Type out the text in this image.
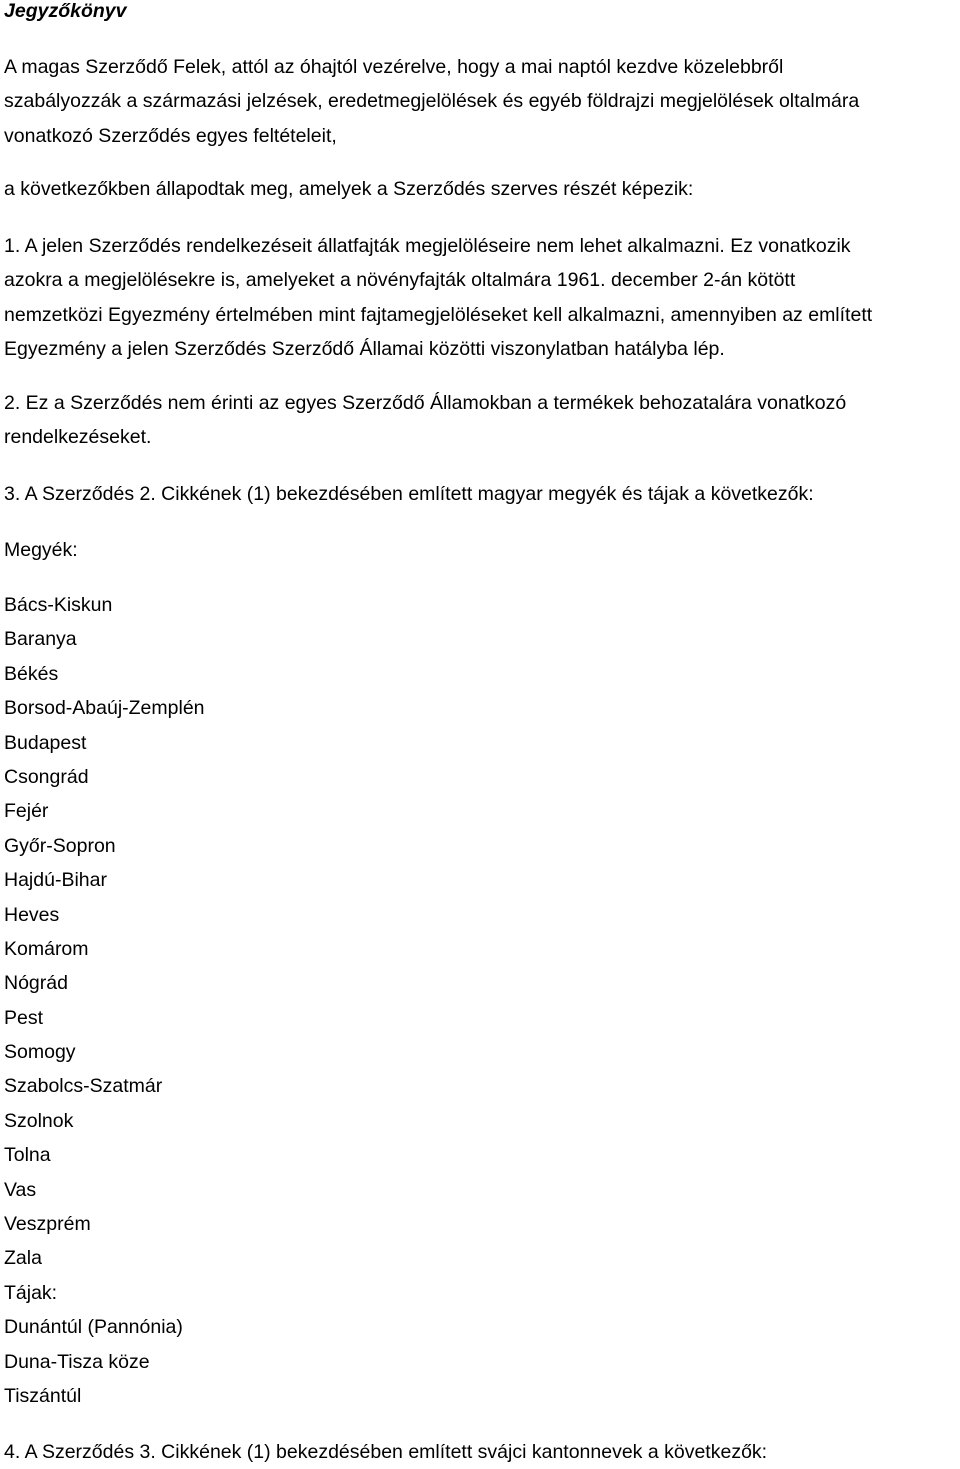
Jegyzőkönyv

A magas Szerződő Felek, attól az óhajtól vezérelve, hogy a mai naptól kezdve közelebbről
szabályozzák a származási jelzések, eredetmegjelölések és egyéb földrajzi megjelölések oltalmára
vonatkozó Szerződés egyes feltételeit,

a következőkben állapodtak meg, amelyek a Szerződés szerves részét képezik:

1. A jelen Szerződés rendelkezéseit állatfajták megjelöléseire nem lehet alkalmazni. Ez vonatkozik
azokra a megjelölésekre is, amelyeket a növényfajták oltalmára 1961. december 2-án kötött
nemzetközi Egyezmény értelmében mint fajtamegjelöléseket kell alkalmazni, amennyiben az említett
Egyezmény a jelen Szerződés Szerződő Államai közötti viszonylatban hatályba lép.

2. Ez a Szerződés nem érinti az egyes Szerződő Államokban a termékek behozatalára vonatkozó
rendelkezéseket.

3. A Szerződés 2. Cikkének (1) bekezdésében említett magyar megyék és tájak a következők:

Megyék:

Bács-Kiskun
Baranya
Békés
Borsod-Abaúj-Zemplén
Budapest
Csongrád
Fejér
Győr-Sopron
Hajdú-Bihar
Heves
Komárom
Nógrád
Pest
Somogy
Szabolcs-Szatmár
Szolnok
Tolna
Vas
Veszprém
Zala
Tájak:
Dunántúl (Pannónia)
Duna-Tisza köze
Tiszántúl

4. A Szerződés 3. Cikkének (1) bekezdésében említett svájci kantonnevek a következők:
